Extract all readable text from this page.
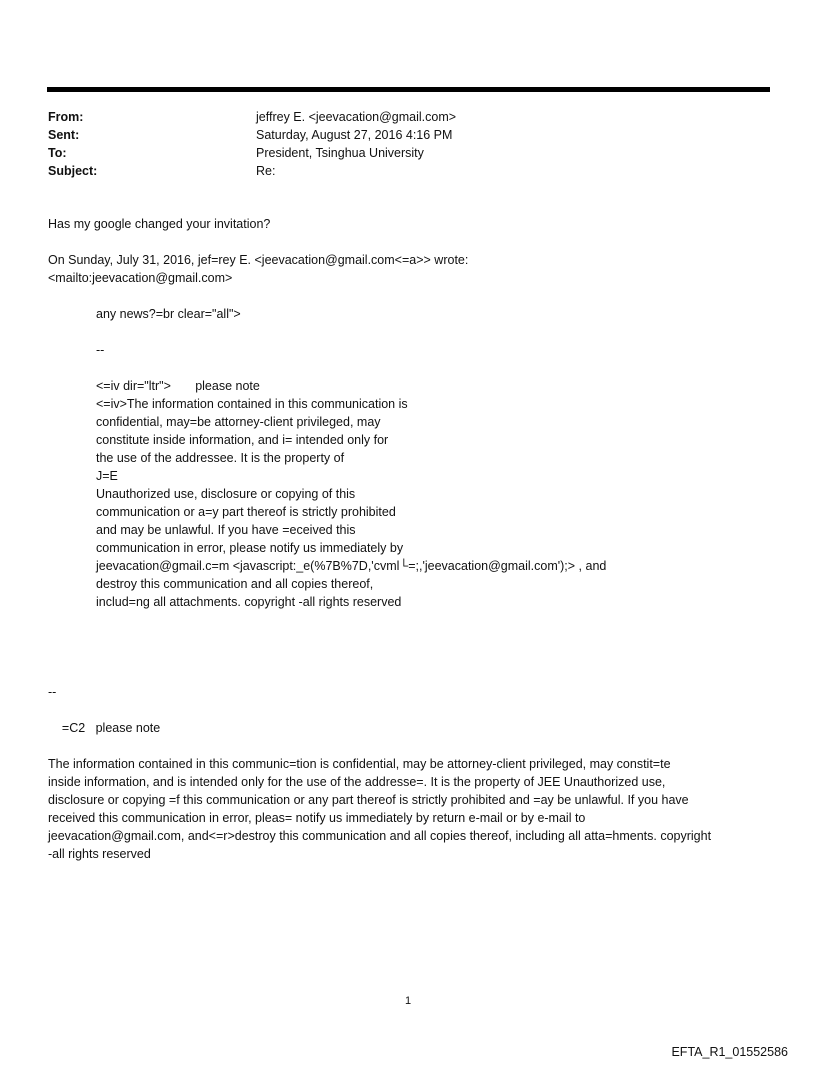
From:	jeffrey E. <jeevacation@gmail.com>
Sent:	Saturday, August 27, 2016 4:16 PM
To:	President, Tsinghua University
Subject:	Re:

Has my google changed your invitation?

On Sunday, July 31, 2016, jef=rey E. <jeevacation@gmail.com<=a>> wrote:

<mailto:jeevacation@gmail.com>

any news?=br clear="all">

--

<=iv dir="ltr">       please note

<=iv>The information contained in this communication is

confidential, may=be attorney-client privileged, may

constitute inside information, and i= intended only for

the use of the addressee. It is the property of

J=E

Unauthorized use, disclosure or copying of this

communication or a=y part thereof is strictly prohibited

and may be unlawful. If you have =eceived this

communication in error, please notify us immediately by

jeevacation@gmail.c=m <javascript:_e(%7B%7D,'cvml└=;,'jeevacation@gmail.com');> , and

destroy this communication and all copies thereof,

includ=ng all attachments. copyright -all rights reserved

--

=C2   please note

The information contained in this communic=tion is confidential, may be attorney-client privileged, may constit=te

inside information, and is intended only for the use of the addresse=. It is the property of JEE Unauthorized use,

disclosure or copying =f this communication or any part thereof is strictly prohibited and =ay be unlawful. If you have

received this communication in error, pleas= notify us immediately by return e-mail or by e-mail to

jeevacation@gmail.com, and<=r>destroy this communication and all copies thereof, including all atta=hments. copyright

-all rights reserved

1
EFTA_R1_01552586
